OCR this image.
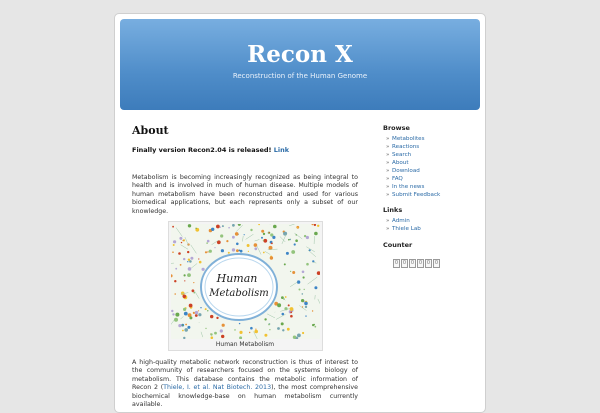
Recon X
Reconstruction of the Human Genome
About
Finally version Recon2.04 is released! Link
Metabolism is becoming increasingly recognized as being integral to health and is involved in much of human disease. Multiple models of human metabolism have been reconstructed and used for various biomedical applications, but each represents only a subset of our knowledge.
Human
Metabolism
Human Metabolism
A high-quality metabolic network reconstruction is thus of interest to the community of researchers focused on the systems biology of metabolism. This database contains the metabolic information of Recon 2 (Thiele, I. et al. Nat Biotech. 2013), the most comprehensive biochemical knowledge-base on human metabolism currently available.
Browse
» Metabolites
» Reactions
» Search
» About
» Download
» FAQ
» In the news
» Submit Feedback
Links
» Admin
» Thiele Lab
Counter
0 0 0 0 0 0
